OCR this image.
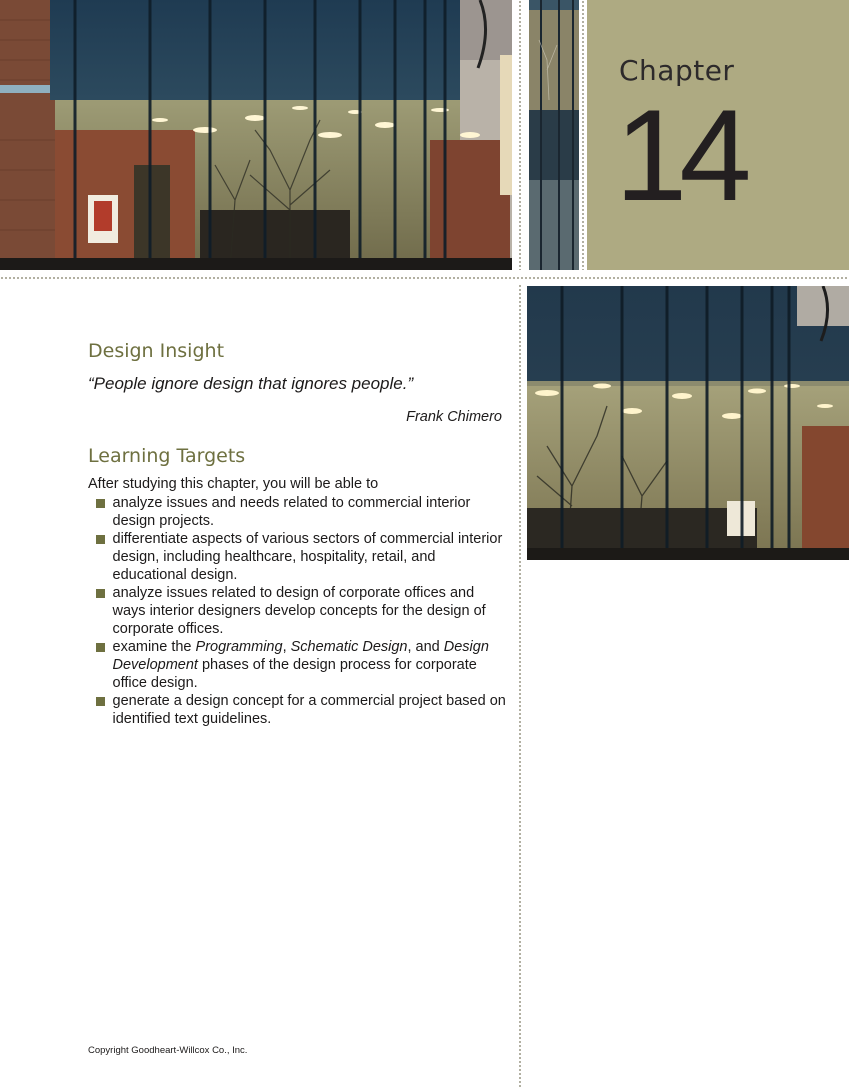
Chapter
14
Design Insight
“People ignore design that ignores people.”
Frank Chimero
Learning Targets
After studying this chapter, you will be able to
analyze issues and needs related to commercial interior design projects.
differentiate aspects of various sectors of commercial interior design, including healthcare, hospitality, retail, and educational design.
analyze issues related to design of corporate offices and ways interior designers develop concepts for the design of corporate offices.
examine the Programming, Schematic Design, and Design Development phases of the design process for corporate office design.
generate a design concept for a commercial project based on identified text guidelines.
Copyright Goodheart-Willcox Co., Inc.
